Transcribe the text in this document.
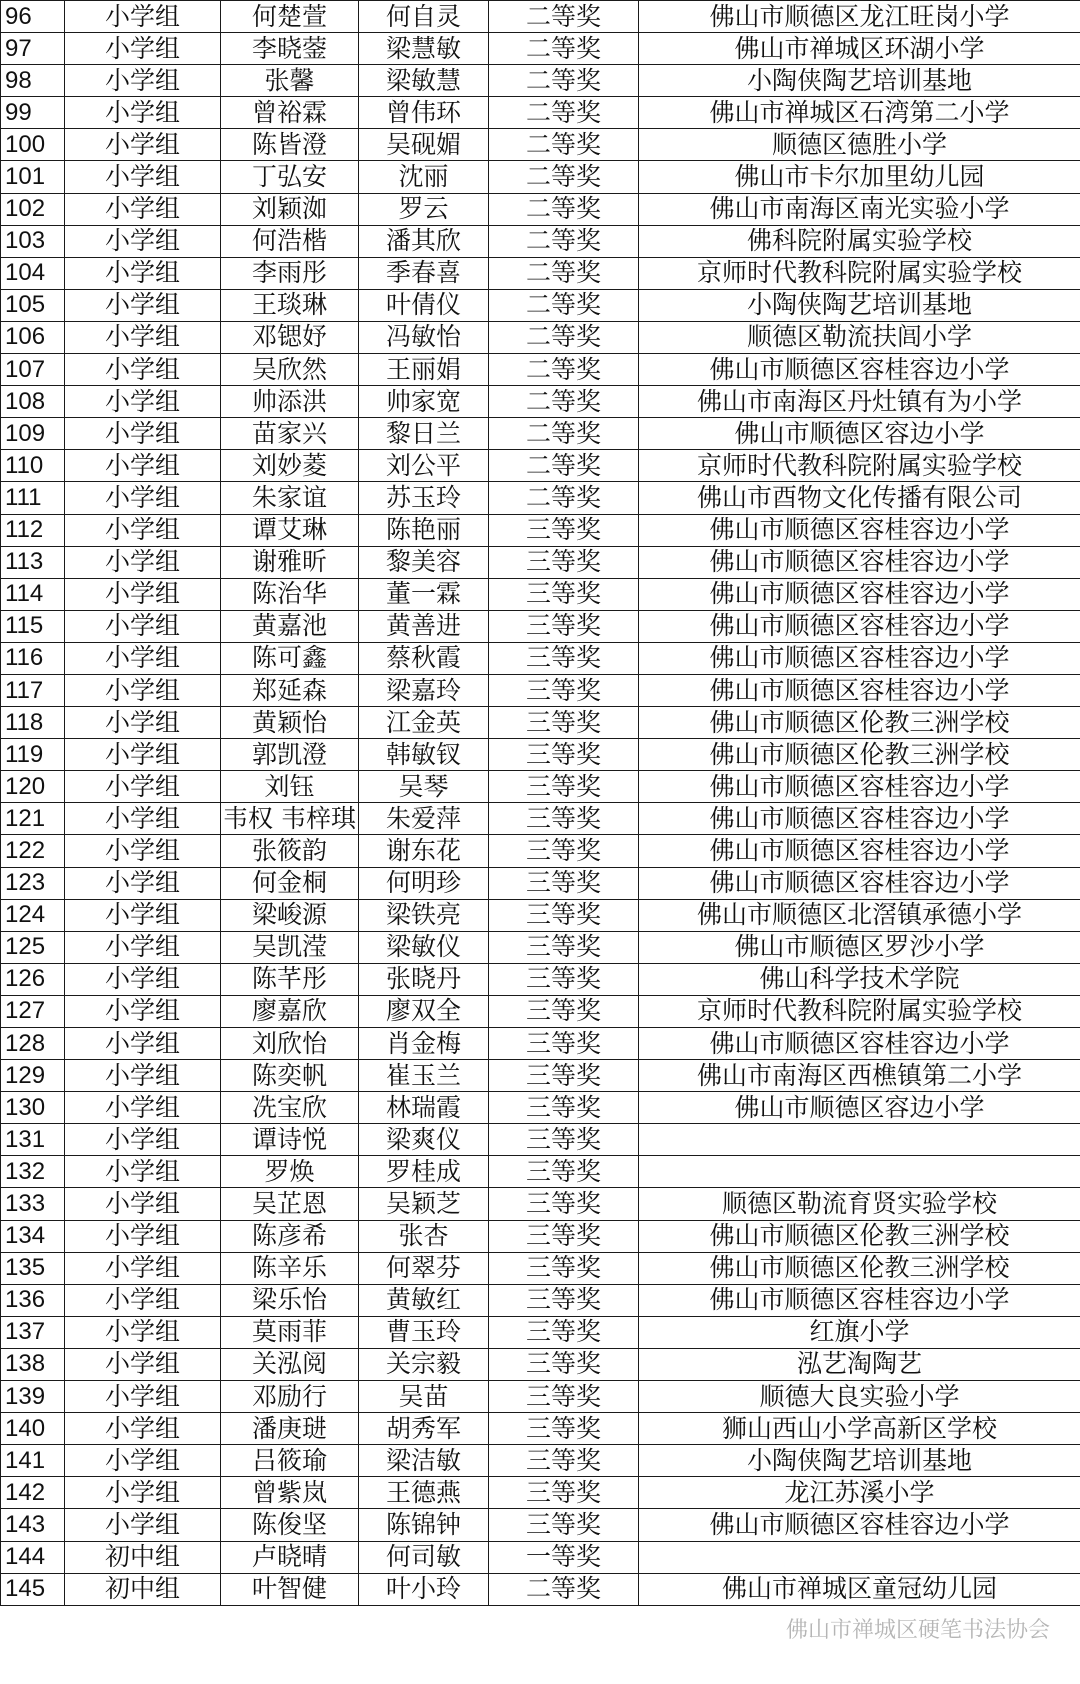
96	小学组	何楚萱	何自灵	二等奖	佛山市顺德区龙江旺岗小学
97	小学组	李晓蓥	梁慧敏	二等奖	佛山市禅城区环湖小学
98	小学组	张馨	梁敏慧	二等奖	小陶侠陶艺培训基地
99	小学组	曾裕霖	曾伟环	二等奖	佛山市禅城区石湾第二小学
100	小学组	陈皆澄	吴砚媚	二等奖	顺德区德胜小学
101	小学组	丁弘安	沈丽	二等奖	佛山市卡尔加里幼儿园
102	小学组	刘颖洳	罗云	二等奖	佛山市南海区南光实验小学
103	小学组	何浩楷	潘其欣	二等奖	佛科院附属实验学校
104	小学组	李雨彤	季春喜	二等奖	京师时代教科院附属实验学校
105	小学组	王琰琳	叶倩仪	二等奖	小陶侠陶艺培训基地
106	小学组	邓锶妤	冯敏怡	二等奖	顺德区勒流扶闾小学
107	小学组	吴欣然	王丽娟	二等奖	佛山市顺德区容桂容边小学
108	小学组	帅添洪	帅家宽	二等奖	佛山市南海区丹灶镇有为小学
109	小学组	苗家兴	黎日兰	二等奖	佛山市顺德区容边小学
110	小学组	刘妙菱	刘公平	二等奖	京师时代教科院附属实验学校
111	小学组	朱家谊	苏玉玲	二等奖	佛山市酉物文化传播有限公司
112	小学组	谭艾琳	陈艳丽	三等奖	佛山市顺德区容桂容边小学
113	小学组	谢雅昕	黎美容	三等奖	佛山市顺德区容桂容边小学
114	小学组	陈治华	董一霖	三等奖	佛山市顺德区容桂容边小学
115	小学组	黄嘉池	黄善进	三等奖	佛山市顺德区容桂容边小学
116	小学组	陈可鑫	蔡秋霞	三等奖	佛山市顺德区容桂容边小学
117	小学组	郑延森	梁嘉玲	三等奖	佛山市顺德区容桂容边小学
118	小学组	黄颖怡	江金英	三等奖	佛山市顺德区伦教三洲学校
119	小学组	郭凯澄	韩敏钗	三等奖	佛山市顺德区伦教三洲学校
120	小学组	刘钰	吴琴	三等奖	佛山市顺德区容桂容边小学
121	小学组	韦权 韦梓琪	朱爱萍	三等奖	佛山市顺德区容桂容边小学
122	小学组	张筱韵	谢东花	三等奖	佛山市顺德区容桂容边小学
123	小学组	何金桐	何明珍	三等奖	佛山市顺德区容桂容边小学
124	小学组	梁峻源	梁铁亮	三等奖	佛山市顺德区北滘镇承德小学
125	小学组	吴凯滢	梁敏仪	三等奖	佛山市顺德区罗沙小学
126	小学组	陈芊彤	张晓丹	三等奖	佛山科学技术学院
127	小学组	廖嘉欣	廖双全	三等奖	京师时代教科院附属实验学校
128	小学组	刘欣怡	肖金梅	三等奖	佛山市顺德区容桂容边小学
129	小学组	陈奕帆	崔玉兰	三等奖	佛山市南海区西樵镇第二小学
130	小学组	冼宝欣	林瑞霞	三等奖	佛山市顺德区容边小学
131	小学组	谭诗悦	梁爽仪	三等奖	
132	小学组	罗焕	罗桂成	三等奖	
133	小学组	吴芷恩	吴颖芝	三等奖	顺德区勒流育贤实验学校
134	小学组	陈彦希	张杏	三等奖	佛山市顺德区伦教三洲学校
135	小学组	陈辛乐	何翠芬	三等奖	佛山市顺德区伦教三洲学校
136	小学组	梁乐怡	黄敏红	三等奖	佛山市顺德区容桂容边小学
137	小学组	莫雨菲	曹玉玲	三等奖	红旗小学
138	小学组	关泓阅	关宗毅	三等奖	泓艺淘陶艺
139	小学组	邓励行	吴苗	三等奖	顺德大良实验小学
140	小学组	潘庚琎	胡秀军	三等奖	狮山西山小学高新区学校
141	小学组	吕筱瑜	梁洁敏	三等奖	小陶侠陶艺培训基地
142	小学组	曾紫岚	王德燕	三等奖	龙江苏溪小学
143	小学组	陈俊坚	陈锦钟	三等奖	佛山市顺德区容桂容边小学
144	初中组	卢晓晴	何司敏	一等奖	
145	初中组	叶智健	叶小玲	二等奖	佛山市禅城区童冠幼儿园
佛山市禅城区硬笔书法协会
